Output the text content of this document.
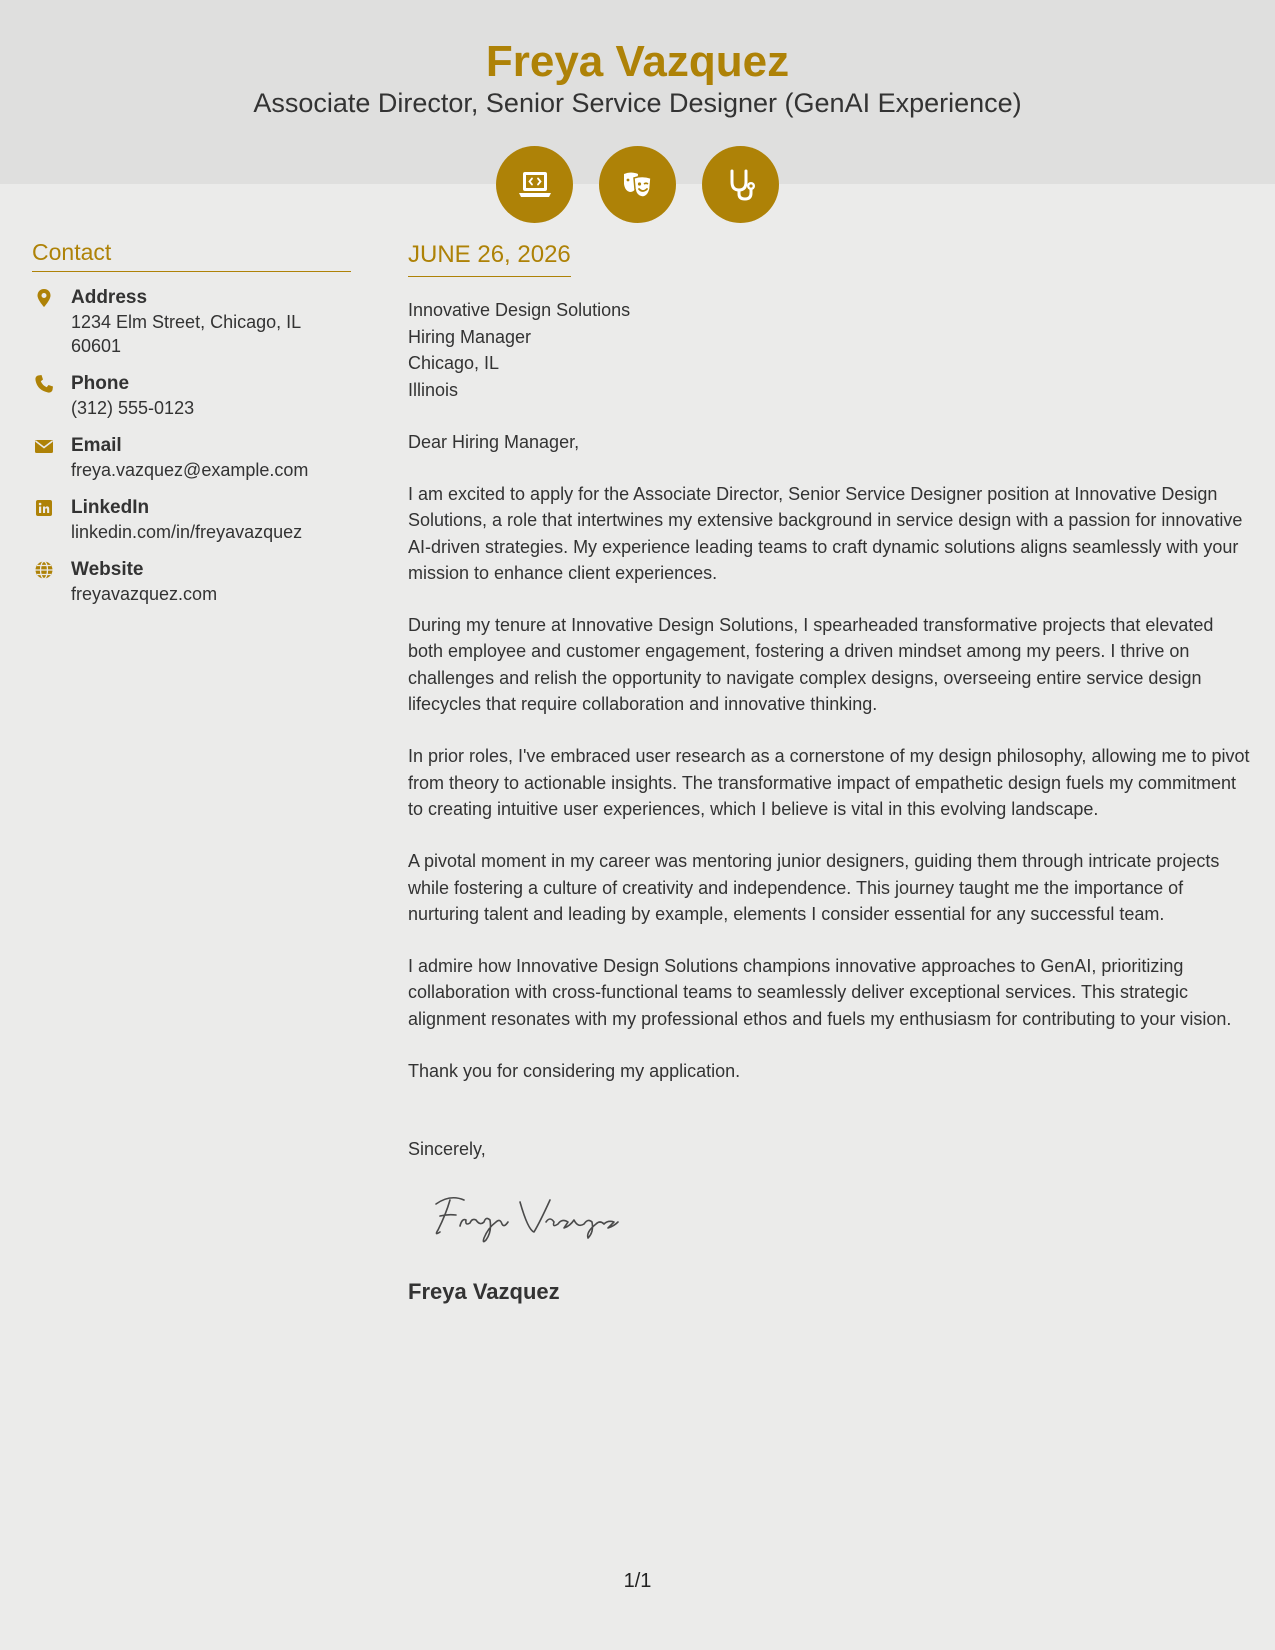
Freya Vazquez
Associate Director, Senior Service Designer (GenAI Experience)
Contact
Address
1234 Elm Street, Chicago, IL 60601
Phone
(312) 555-0123
Email
freya.vazquez@example.com
LinkedIn
linkedin.com/in/freyavazquez
Website
freyavazquez.com
JUNE 26, 2026
Innovative Design Solutions
Hiring Manager
Chicago, IL
Illinois
Dear Hiring Manager,
I am excited to apply for the Associate Director, Senior Service Designer position at Innovative Design Solutions, a role that intertwines my extensive background in service design with a passion for innovative AI-driven strategies. My experience leading teams to craft dynamic solutions aligns seamlessly with your mission to enhance client experiences.
During my tenure at Innovative Design Solutions, I spearheaded transformative projects that elevated both employee and customer engagement, fostering a driven mindset among my peers. I thrive on challenges and relish the opportunity to navigate complex designs, overseeing entire service design lifecycles that require collaboration and innovative thinking.
In prior roles, I've embraced user research as a cornerstone of my design philosophy, allowing me to pivot from theory to actionable insights. The transformative impact of empathetic design fuels my commitment to creating intuitive user experiences, which I believe is vital in this evolving landscape.
A pivotal moment in my career was mentoring junior designers, guiding them through intricate projects while fostering a culture of creativity and independence. This journey taught me the importance of nurturing talent and leading by example, elements I consider essential for any successful team.
I admire how Innovative Design Solutions champions innovative approaches to GenAI, prioritizing collaboration with cross-functional teams to seamlessly deliver exceptional services. This strategic alignment resonates with my professional ethos and fuels my enthusiasm for contributing to your vision.
Thank you for considering my application.
Sincerely,
Freya Vazquez
1/1
